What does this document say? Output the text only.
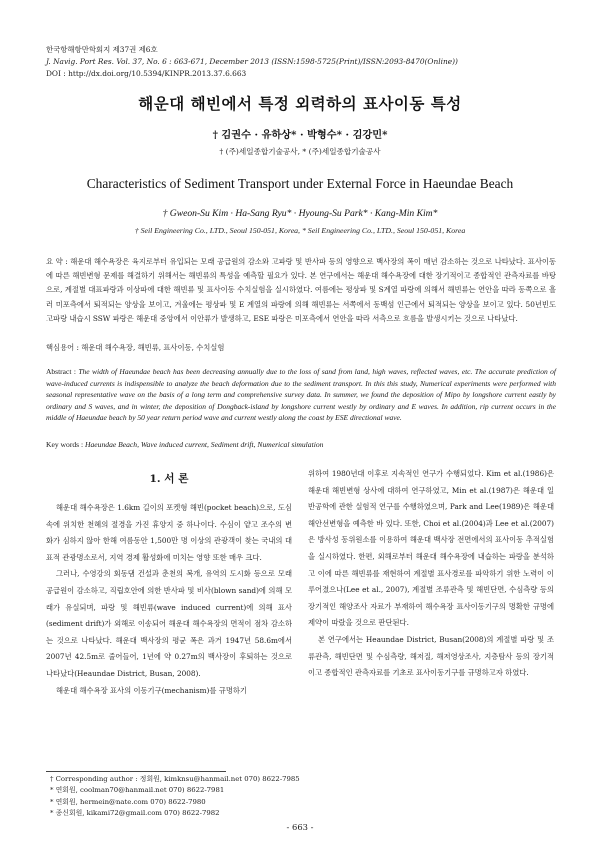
한국항해항만학회지 제37권 제6호
J. Navig. Port Res. Vol. 37, No. 6 : 663-671, December 2013 (ISSN:1598-5725(Print)/ISSN:2093-8470(Online))
DOI : http://dx.doi.org/10.5394/KINPR.2013.37.6.663
해운대 해빈에서 특정 외력하의 표사이동 특성
† 김권수 · 유하상* · 박형수* · 김강민*
† (주)세일종합기술공사, * (주)세일종합기술공사
Characteristics of Sediment Transport under External Force in Haeundae Beach
† Gweon-Su Kim · Ha-Sang Ryu* · Hyoung-Su Park* · Kang-Min Kim*
† Seil Engineering Co., LTD., Seoul 150-051, Korea, * Seil Engineering Co., LTD., Seoul 150-051, Korea
요 약 : 해운대 해수욕장은 육지로부터 유입되는 모래 공급원의 감소와 고파랑 및 반사파 등의 영향으로 백사장의 폭이 매년 감소하는 것으로 나타났다. 표사이동에 따른 해빈변형 문제를 해결하기 위해서는 해빈류의 특성을 예측할 필요가 있다. 본 연구에서는 해운대 해수욕장에 대한 장기적이고 종합적인 관측자료를 바탕으로, 계절별 대표파랑과 이상파에 대한 해빈류 및 표사이동 수치실험을 실시하였다. 여름에는 평상파 및 S계열 파랑에 의해서 해빈류는 연안을 따라 동쪽으로 흘러 미포측에서 퇴적되는 양상을 보이고, 겨울에는 평상파 및 E 계열의 파랑에 의해 해빈류는 서쪽에서 동백섬 인근에서 퇴적되는 양상을 보이고 있다. 50년빈도 고파랑 내습시 SSW 파랑은 해운대 중앙에서 이안류가 발생하고, ESE 파랑은 미포측에서 연안을 따라 서측으로 흐름을 발생시키는 것으로 나타났다.
핵심용어 : 해운대 해수욕장, 해빈류, 표사이동, 수치실험
Abstract : The width of Haeundae beach has been decreasing annually due to the loss of sand from land, high waves, reflected waves, etc. The accurate prediction of wave-induced currents is indispensible to analyze the beach deformation due to the sediment transport. In this this study, Numerical experiments were performed with seasonal representative wave on the basis of a long term and comprehensive survey data. In summer, we found the deposition of Mipo by longshore current eastly by ordinary and S waves, and in winter, the deposition of Dongback-island by longshore current westly by ordinary and E waves. In addition, rip current occurs in the middle of Haeundae beach by 50 year return period wave and current westly along the coast by ESE directional wave.
Key words : Haeundae Beach, Wave induced current, Sediment drift, Numerical simulation
1. 서 론

해운대 해수욕장은 1.6km 길이의 포켓형 해빈(pocket beach)으로, 도심 속에 위치한 천혜의 절경을 가진 휴양지 중 하나이다. 수심이 얕고 조수의 변화가 심하지 않아 한해 여름동안 1,500만 명 이상의 관광객이 찾는 국내의 대표적 관광명소로서, 지역 경제 활성화에 미치는 영향 또한 매우 크다.

그러나, 수영강의 회동댐 건설과 춘천의 복개, 유역의 도시화 등으로 모래 공급원이 감소하고, 직립호안에 의한 반사파 및 비사(blown sand)에 의해 모래가 유실되며, 파랑 및 해빈류(wave induced current)에 의해 표사(sediment drift)가 외해로 이송되어 해운대 해수욕장의 면적이 점차 감소하는 것으로 나타났다. 해운대 백사장의 평균 폭은 과거 1947년 58.6m에서 2007년 42.5m로 줄어들어, 1년에 약 0.27m의 백사장이 후퇴하는 것으로 나타났다(Heaundae District, Busan, 2008).

해운대 해수욕장 표사의 이동기구(mechanism)를 규명하기

위하여 1980년대 이후로 지속적인 연구가 수행되었다. Kim et al.(1986)은 해운대 해빈변형 상사에 대하여 연구하였고, Min et al.(1987)은 해운대 일반공학에 관한 실험적 연구를 수행하였으며, Park and Lee(1989)은 해운대 해안선변형을 예측한 바 있다. 또한, Choi et al.(2004)과 Lee et al.(2007)은 방사성 동위원소를 이용하여 해운대 백사장 전면에서의 표사이동 추적실험을 실시하였다. 한편, 외해로부터 해운대 해수욕장에 내습하는 파랑을 분석하고 이에 따른 해빈류를 재현하여 계절별 표사경로를 파악하기 위한 노력이 이루어졌으나(Lee et al., 2007), 계절별 조류관측 및 해빈단면, 수심측량 등의 장기적인 해양조사 자료가 부재하여 해수욕장 표사이동기구의 명확한 규명에 제약이 따랐을 것으로 판단된다.

본 연구에서는 Heaundae District, Busan(2008)의 계절별 파랑 및 조류관측, 해빈단면 및 수심측량, 해저질, 해저영상조사, 지층탐사 등의 장기적이고 종합적인 관측자료를 기초로 표사이동기구를 규명하고자 하였다.

† Corresponding author : 정회원, kimknsu@hanmail.net 070) 8622-7985
* 연회원, coolman70@hanmail.net 070) 8622-7981
* 연회원, hermein@nate.com 070) 8622-7980
* 종신회원, kikami72@gmail.com 070) 8622-7982
- 663 -
